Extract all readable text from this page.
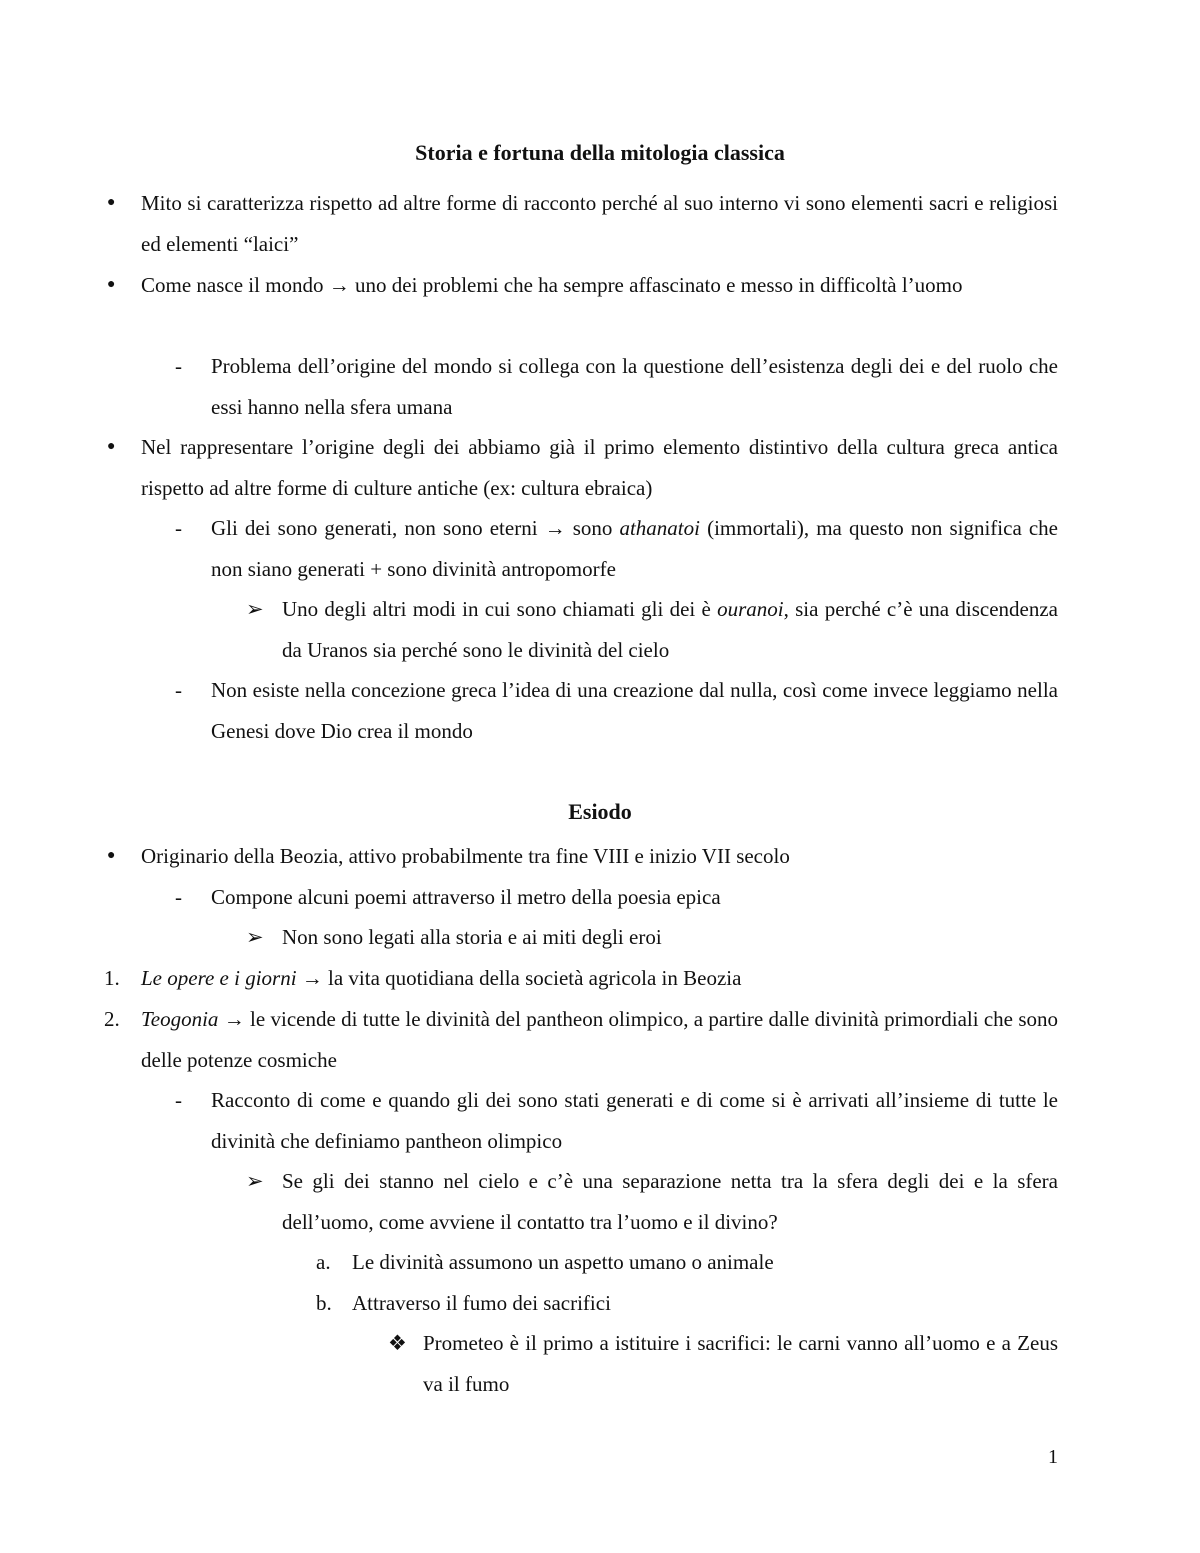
Storia e fortuna della mitologia classica
● Mito si caratterizza rispetto ad altre forme di racconto perché al suo interno vi sono elementi sacri e religiosi ed elementi “laici”

● Come nasce il mondo → uno dei problemi che ha sempre affascinato e messo in difficoltà l’uomo

- Problema dell’origine del mondo si collega con la questione dell’esistenza degli dei e del ruolo che essi hanno nella sfera umana

● Nel rappresentare l’origine degli dei abbiamo già il primo elemento distintivo della cultura greca antica rispetto ad altre forme di culture antiche (ex: cultura ebraica)

- Gli dei sono generati, non sono eterni → sono athanatoi (immortali), ma questo non significa che non siano generati + sono divinità antropomorfe

➢ Uno degli altri modi in cui sono chiamati gli dei è ouranoi, sia perché c’è una discendenza da Uranos sia perché sono le divinità del cielo

- Non esiste nella concezione greca l’idea di una creazione dal nulla, così come invece leggiamo nella Genesi dove Dio crea il mondo

Esiodo
● Originario della Beozia, attivo probabilmente tra fine VIII e inizio VII secolo

- Compone alcuni poemi attraverso il metro della poesia epica

➢ Non sono legati alla storia e ai miti degli eroi

1. Le opere e i giorni → la vita quotidiana della società agricola in Beozia

2. Teogonia → le vicende di tutte le divinità del pantheon olimpico, a partire dalle divinità primordiali che sono delle potenze cosmiche

- Racconto di come e quando gli dei sono stati generati e di come si è arrivati all’insieme di tutte le divinità che definiamo pantheon olimpico

➢ Se gli dei stanno nel cielo e c’è una separazione netta tra la sfera degli dei e la sfera dell’uomo, come avviene il contatto tra l’uomo e il divino?

a. Le divinità assumono un aspetto umano o animale

b. Attraverso il fumo dei sacrifici

❖ Prometeo è il primo a istituire i sacrifici: le carni vanno all’uomo e a Zeus va il fumo

1
